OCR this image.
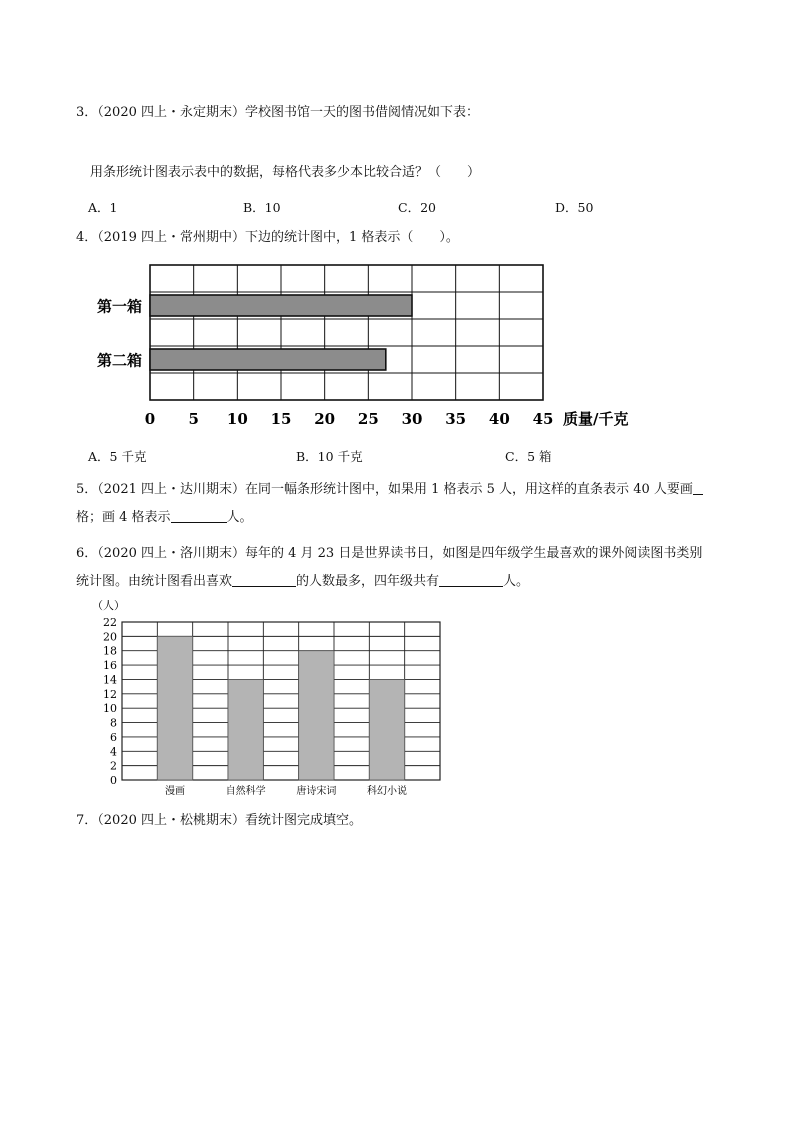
3．（2020 四上・永定期末）学校图书馆一天的图书借阅情况如下表：
用条形统计图表示表中的数据，每格代表多少本比较合适？（　　）
A．1	B．10	C．20	D．50
4．（2019 四上・常州期中）下边的统计图中，1 格表示（　　）。
第一箱
第二箱
0 5 10 15 20 25 30 35 40 45 质量/千克
A．5 千克	B．10 千克	C．5 箱
5．（2021 四上・达川期末）在同一幅条形统计图中，如果用 1 格表示 5 人，用这样的直条表示 40 人要画
格；画 4 格表示	人。
6．（2020 四上・洛川期末）每年的 4 月 23 日是世界读书日，如图是四年级学生最喜欢的课外阅读图书类别
统计图。由统计图看出喜欢	的人数最多，四年级共有	人。
漫画	自然科学	唐诗宋词	科幻小说
0
2
4
6
8
10
12
14
16
18
20
22
（人）
7．（2020 四上・松桃期末）看统计图完成填空。
